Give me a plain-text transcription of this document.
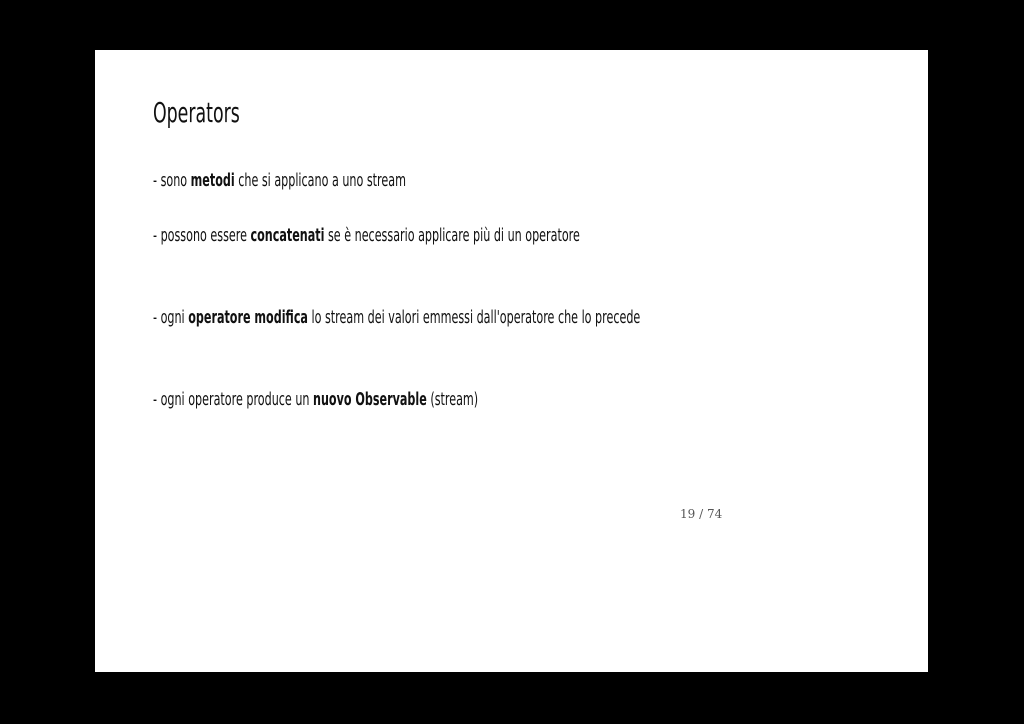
Operators

- sono metodi che si applicano a uno stream

- possono essere concatenati se è necessario applicare più di un operatore

- ogni operatore modifica lo stream dei valori emmessi dall'operatore che lo precede

- ogni operatore produce un nuovo Observable (stream)

19 / 74
